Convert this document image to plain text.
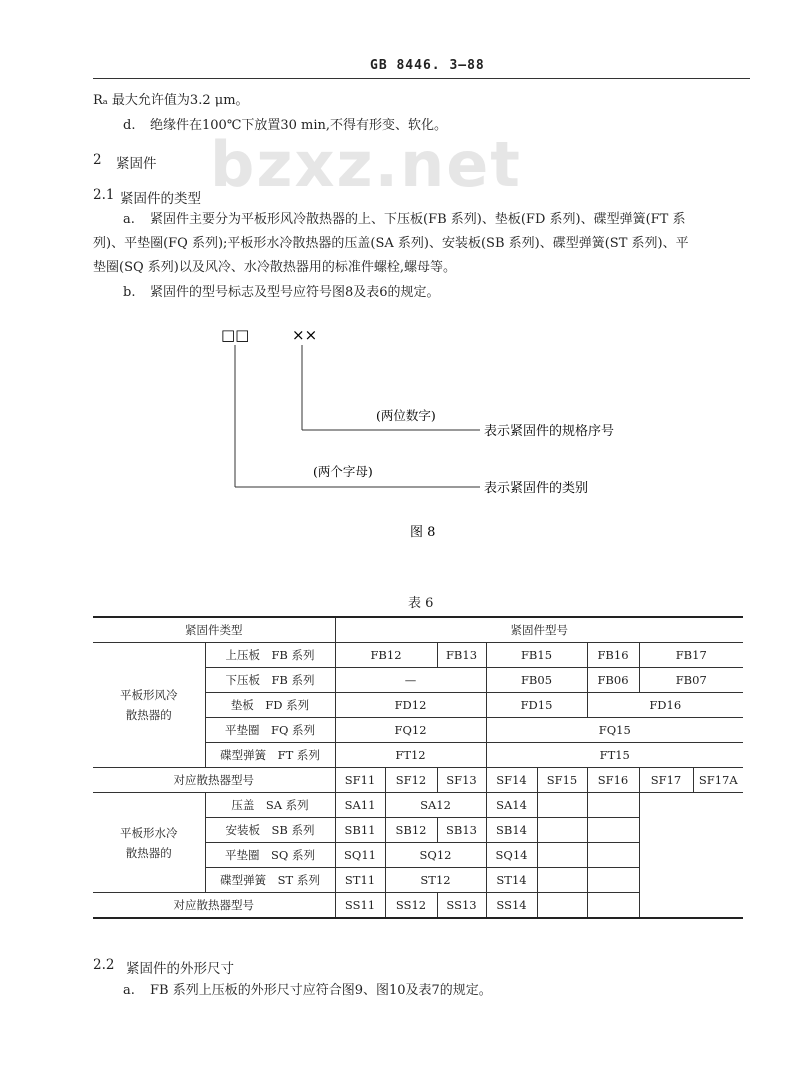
GB 8446. 3—88
bzxz.net
Rₐ 最大允许值为3.2 μm。
d. 绝缘件在100℃下放置30 min,不得有形变、软化。
2 紧固件
2.1 紧固件的类型
a. 紧固件主要分为平板形风冷散热器的上、下压板(FB 系列)、垫板(FD 系列)、碟型弹簧(FT 系
列)、平垫圈(FQ 系列);平板形水冷散热器的压盖(SA 系列)、安装板(SB 系列)、碟型弹簧(ST 系列)、平
垫圈(SQ 系列)以及风冷、水冷散热器用的标准件螺栓,螺母等。
b. 紧固件的型号标志及型号应符号图8及表6的规定。
□□	××
(两位数字)
表示紧固件的规格序号
(两个字母)
表示紧固件的类别
图 8
表 6
紧固件类型		紧固件型号							
平板形风冷
散热器的	上压板　FB 系列	FB12		FB13	FB15		FB16	FB17	
	下压板　FB 系列	—			FB05		FB06	FB07	
	垫板　FD 系列	FD12			FD15		FD16		
	平垫圈　FQ 系列	FQ12			FQ15				
	碟型弹簧　FT 系列	FT12			FT15				
对应散热器型号		SF11	SF12	SF13	SF14	SF15	SF16	SF17	SF17A
平板形水冷
散热器的	压盖　SA 系列	SA11	SA12		SA14				
	安装板　SB 系列	SB11	SB12	SB13	SB14				
	平垫圈　SQ 系列	SQ11	SQ12		SQ14				
	碟型弹簧　ST 系列	ST11	ST12		ST14				
对应散热器型号		SS11	SS12	SS13	SS14				
2.2 紧固件的外形尺寸
a. FB 系列上压板的外形尺寸应符合图9、图10及表7的规定。
